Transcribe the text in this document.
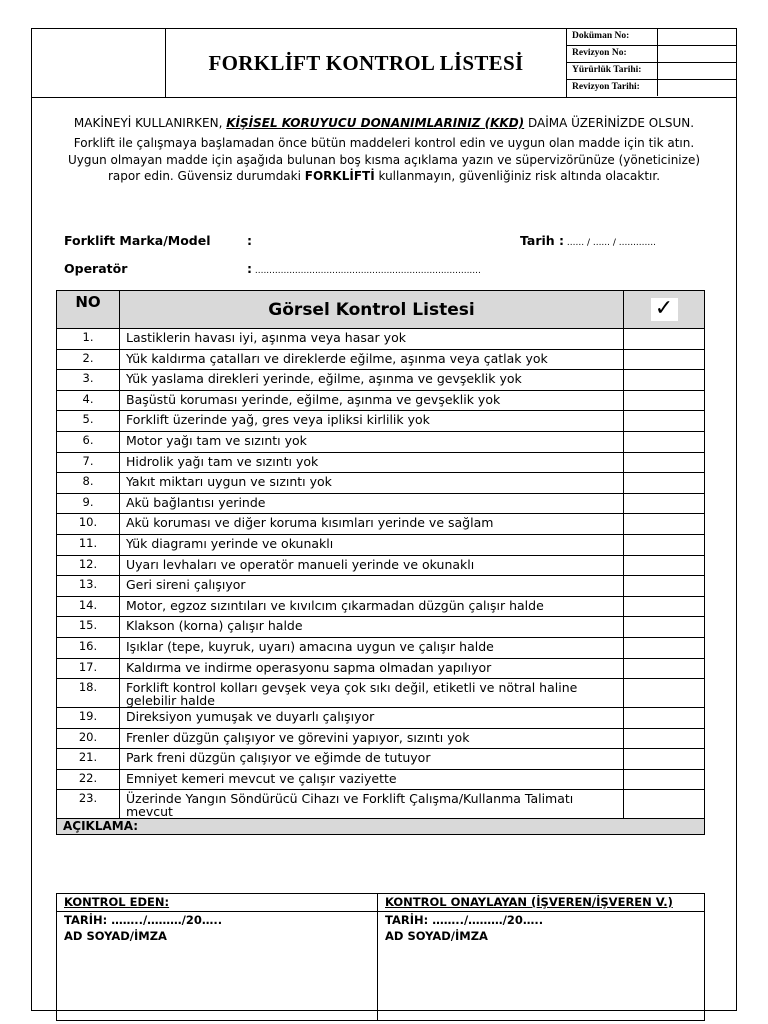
FORKLİFT KONTROL LİSTESİ
Doküman No:
Revizyon No:
Yürürlük Tarihi:
Revizyon Tarihi:
MAKİNEYİ KULLANIRKEN, KİŞİSEL KORUYUCU DONANIMLARINIZ (KKD) DAİMA ÜZERİNİZDE OLSUN.
Forklift ile çalışmaya başlamadan önce bütün maddeleri kontrol edin ve uygun olan madde için tik atın. Uygun olmayan madde için aşağıda bulunan boş kısma açıklama yazın ve süpervizörünüze (yöneticinize) rapor edin. Güvensiz durumdaki FORKLİFTİ kullanmayın, güvenliğiniz risk altında olacaktır.
Forklift Marka/Model	:	Tarih : ...... / ...... / .............
Operatör	: ...............................................................................
NO	Görsel Kontrol Listesi	✓
1.	Lastiklerin havası iyi, aşınma veya hasar yok	
2.	Yük kaldırma çatalları ve direklerde eğilme, aşınma veya çatlak yok	
3.	Yük yaslama direkleri yerinde, eğilme, aşınma ve gevşeklik yok	
4.	Başüstü koruması yerinde, eğilme, aşınma ve gevşeklik yok	
5.	Forklift üzerinde yağ, gres veya ipliksi kirlilik yok	
6.	Motor yağı tam ve sızıntı yok	
7.	Hidrolik yağı tam ve sızıntı yok	
8.	Yakıt miktarı uygun ve sızıntı yok	
9.	Akü bağlantısı yerinde	
10.	Akü koruması ve diğer koruma kısımları yerinde ve sağlam	
11.	Yük diagramı yerinde ve okunaklı	
12.	Uyarı levhaları ve operatör manueli yerinde ve okunaklı	
13.	Geri sireni çalışıyor	
14.	Motor, egzoz sızıntıları ve kıvılcım çıkarmadan düzgün çalışır halde	
15.	Klakson (korna) çalışır halde	
16.	Işıklar (tepe, kuyruk, uyarı) amacına uygun ve çalışır halde	
17.	Kaldırma ve indirme operasyonu sapma olmadan yapılıyor	
18.	Forklift kontrol kolları gevşek veya çok sıkı değil, etiketli ve nötral haline gelebilir halde	
19.	Direksiyon yumuşak ve duyarlı çalışıyor	
20.	Frenler düzgün çalışıyor ve görevini yapıyor, sızıntı yok	
21.	Park freni düzgün çalışıyor ve eğimde de tutuyor	
22.	Emniyet kemeri mevcut ve çalışır vaziyette	
23.	Üzerinde Yangın Söndürücü Cihazı ve Forklift Çalışma/Kullanma Talimatı mevcut	
AÇIKLAMA:		
KONTROL EDEN:
TARİH: ……../………/20…..
AD SOYAD/İMZA
KONTROL ONAYLAYAN (İŞVEREN/İŞVEREN V.)
TARİH: ……../………/20…..
AD SOYAD/İMZA
